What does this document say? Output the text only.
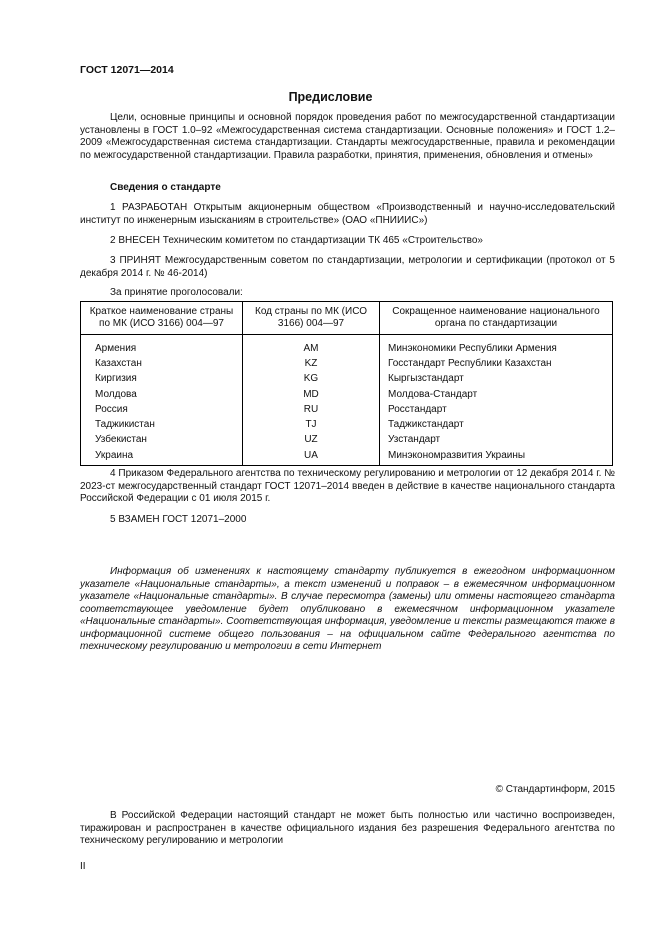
ГОСТ 12071—2014
Предисловие

Цели, основные принципы и основной порядок проведения работ по межгосударственной стандартизации установлены в ГОСТ 1.0–92 «Межгосударственная система стандартизации. Основные положения» и ГОСТ 1.2–2009 «Межгосударственная система стандартизации. Стандарты межгосударственные, правила и рекомендации по межгосударственной стандартизации. Правила разработки, принятия, применения, обновления и отмены»

Сведения о стандарте

1 РАЗРАБОТАН Открытым акционерным обществом «Производственный и научно-исследовательский институт по инженерным изысканиям в строительстве» (ОАО «ПНИИИС»)

2 ВНЕСЕН Техническим комитетом по стандартизации ТК 465 «Строительство»

3 ПРИНЯТ Межгосударственным советом по стандартизации, метрологии и сертификации (протокол от 5 декабря 2014 г. № 46-2014)

За принятие проголосовали:

Краткое наименование страны по МК (ИСО 3166) 004—97	Код страны по МК (ИСО 3166) 004—97	Сокращенное наименование национального органа по стандартизации
Армения	AM	Минэкономики Республики Армения
Казахстан	KZ	Госстандарт Республики Казахстан
Киргизия	KG	Кыргызстандарт
Молдова	MD	Молдова-Стандарт
Россия	RU	Росстандарт
Таджикистан	TJ	Таджикстандарт
Узбекистан	UZ	Узстандарт
Украина	UA	Минэкономразвития Украины

4 Приказом Федерального агентства по техническому регулированию и метрологии от 12 декабря 2014 г. № 2023-ст межгосударственный стандарт ГОСТ 12071–2014 введен в действие в качестве национального стандарта Российской Федерации с 01 июля 2015 г.

5 ВЗАМЕН ГОСТ 12071–2000

Информация об изменениях к настоящему стандарту публикуется в ежегодном информационном указателе «Национальные стандарты», а текст изменений и поправок – в ежемесячном информационном указателе «Национальные стандарты». В случае пересмотра (замены) или отмены настоящего стандарта соответствующее уведомление будет опубликовано в ежемесячном информационном указателе «Национальные стандарты». Соответствующая информация, уведомление и тексты размещаются также в информационной системе общего пользования – на официальном сайте Федерального агентства по техническому регулированию и метрологии в сети Интернет

© Стандартинформ, 2015

В Российской Федерации настоящий стандарт не может быть полностью или частично воспроизведен, тиражирован и распространен в качестве официального издания без разрешения Федерального агентства по техническому регулированию и метрологии

II
